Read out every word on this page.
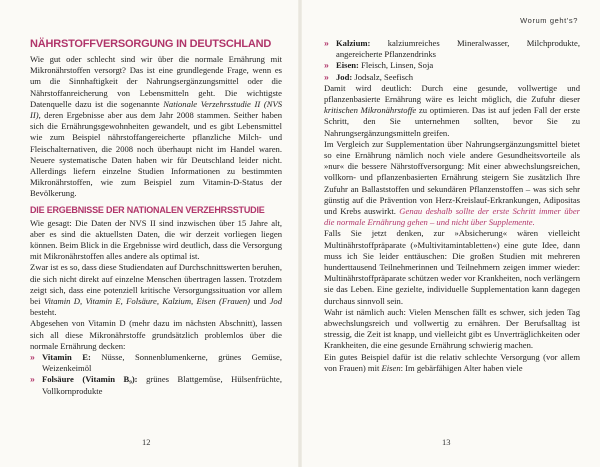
NÄHRSTOFFVERSORGUNG IN DEUTSCHLAND

Wie gut oder schlecht sind wir über die normale Ernährung mit Mikronährstoffen versorgt? Das ist eine grundlegende Frage, wenn es um die Sinnhaftigkeit der Nahrungsergänzungsmittel oder die Nährstoffanreicherung von Lebensmitteln geht. Die wichtigste Datenquelle dazu ist die sogenannte Nationale Verzehrsstudie II (NVS II), deren Ergebnisse aber aus dem Jahr 2008 stammen. Seither haben sich die Ernährungsgewohnheiten gewandelt, und es gibt Lebensmittel wie zum Beispiel nährstoffangereicherte pflanzliche Milch- und Fleischalternativen, die 2008 noch überhaupt nicht im Handel waren. Neuere systematische Daten haben wir für Deutschland leider nicht. Allerdings liefern einzelne Studien Informationen zu bestimmten Mikronährstoffen, wie zum Beispiel zum Vitamin-D-Status der Bevölkerung.

DIE ERGEBNISSE DER NATIONALEN VERZEHRSSTUDIE

Wie gesagt: Die Daten der NVS II sind inzwischen über 15 Jahre alt, aber es sind die aktuellsten Daten, die wir derzeit vorliegen liegen können. Beim Blick in die Ergebnisse wird deutlich, dass die Versorgung mit Mikronährstoffen alles andere als optimal ist.

Zwar ist es so, dass diese Studiendaten auf Durchschnittswerten beruhen, die sich nicht direkt auf einzelne Menschen übertragen lassen. Trotzdem zeigt sich, dass eine potenziell kritische Versorgungssituation vor allem bei Vitamin D, Vitamin E, Folsäure, Kalzium, Eisen (Frauen) und Jod besteht.

Abgesehen von Vitamin D (mehr dazu im nächsten Abschnitt), lassen sich all diese Mikronährstoffe grundsätzlich problemlos über die normale Ernährung decken:

» Vitamin E: Nüsse, Sonnenblumenkerne, grünes Gemüse, Weizenkeimöl
» Folsäure (Vitamin B₉): grünes Blattgemüse, Hülsenfrüchte, Vollkornprodukte
12
Worum geht's?
» Kalzium: kalziumreiches Mineralwasser, Milchprodukte, angereicherte Pflanzendrinks
» Eisen: Fleisch, Linsen, Soja
» Jod: Jodsalz, Seefisch

Damit wird deutlich: Durch eine gesunde, vollwertige und pflanzenbasierte Ernährung wäre es leicht möglich, die Zufuhr dieser kritischen Mikronährstoffe zu optimieren. Das ist auf jeden Fall der erste Schritt, den Sie unternehmen sollten, bevor Sie zu Nahrungsergänzungsmitteln greifen.

Im Vergleich zur Supplementation über Nahrungsergänzungsmittel bietet so eine Ernährung nämlich noch viele andere Gesundheitsvorteile als »nur« die bessere Nährstoffversorgung: Mit einer abwechslungsreichen, vollkorn- und pflanzenbasierten Ernährung steigern Sie zusätzlich Ihre Zufuhr an Ballaststoffen und sekundären Pflanzenstoffen – was sich sehr günstig auf die Prävention von Herz-Kreislauf-Erkrankungen, Adipositas und Krebs auswirkt. Genau deshalb sollte der erste Schritt immer über die normale Ernährung gehen – und nicht über Supplemente.

Falls Sie jetzt denken, zur »Absicherung« wären vielleicht Multinährstoffpräparate (»Multivitamintabletten«) eine gute Idee, dann muss ich Sie leider enttäuschen: Die großen Studien mit mehreren hunderttausend Teilnehmerinnen und Teilnehmern zeigen immer wieder: Multinährstoffpräparate schützen weder vor Krankheiten, noch verlängern sie das Leben. Eine gezielte, individuelle Supplementation kann dagegen durchaus sinnvoll sein.

Wahr ist nämlich auch: Vielen Menschen fällt es schwer, sich jeden Tag abwechslungsreich und vollwertig zu ernähren. Der Berufsalltag ist stressig, die Zeit ist knapp, und vielleicht gibt es Unverträglichkeiten oder Krankheiten, die eine gesunde Ernährung schwierig machen.

Ein gutes Beispiel dafür ist die relativ schlechte Versorgung (vor allem von Frauen) mit Eisen: Im gebärfähigen Alter haben viele

13
